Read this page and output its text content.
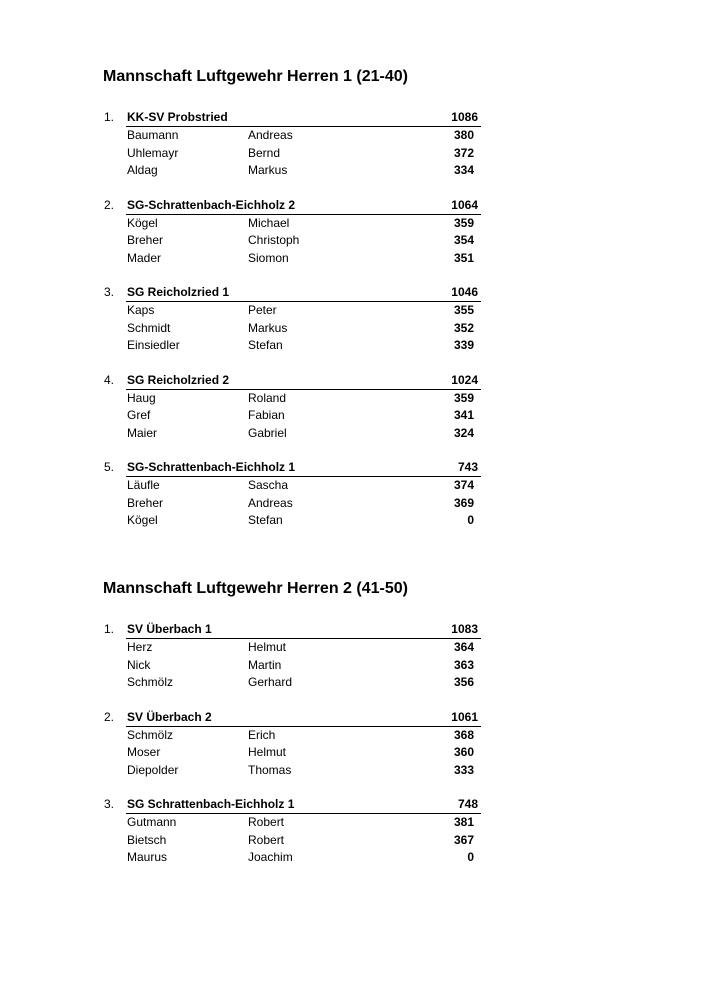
Mannschaft Luftgewehr Herren 1 (21-40)
1. KK-SV Probstried	1086
Baumann	Andreas	380
Uhlemayr	Bernd	372
Aldag	Markus	334
2. SG-Schrattenbach-Eichholz 2	1064
Kögel	Michael	359
Breher	Christoph	354
Mader	Siomon	351
3. SG Reicholzried 1	1046
Kaps	Peter	355
Schmidt	Markus	352
Einsiedler	Stefan	339
4. SG Reicholzried 2	1024
Haug	Roland	359
Gref	Fabian	341
Maier	Gabriel	324
5. SG-Schrattenbach-Eichholz 1	743
Läufle	Sascha	374
Breher	Andreas	369
Kögel	Stefan	0
Mannschaft Luftgewehr Herren 2 (41-50)
1. SV Überbach 1	1083
Herz	Helmut	364
Nick	Martin	363
Schmölz	Gerhard	356
2. SV Überbach 2	1061
Schmölz	Erich	368
Moser	Helmut	360
Diepolder	Thomas	333
3. SG Schrattenbach-Eichholz 1	748
Gutmann	Robert	381
Bietsch	Robert	367
Maurus	Joachim	0
